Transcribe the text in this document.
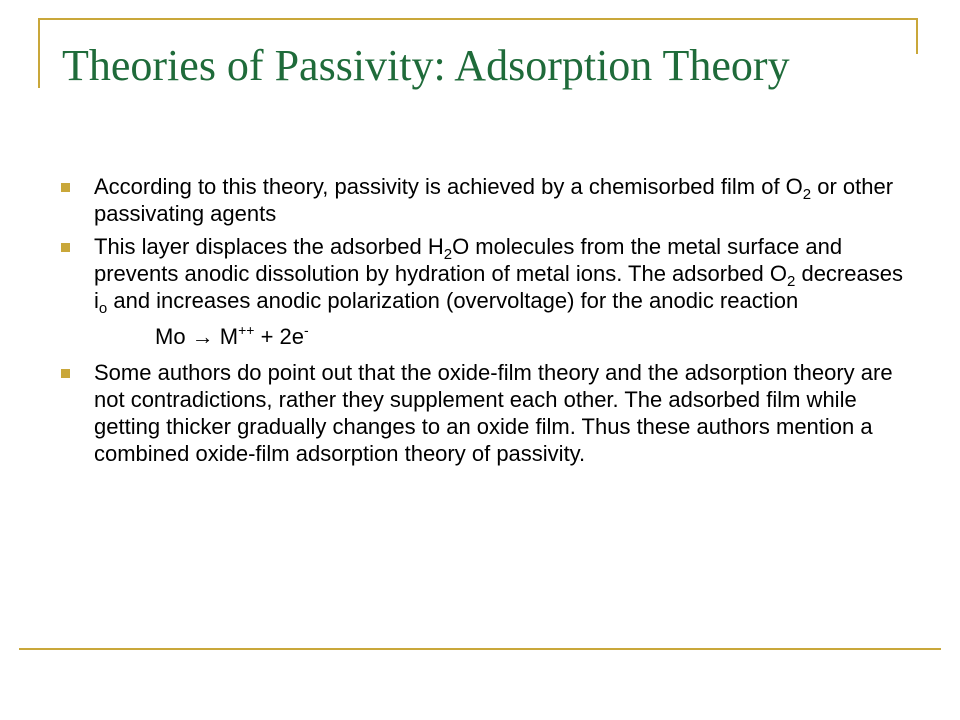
Theories of Passivity: Adsorption Theory
According to this theory, passivity is achieved by a chemisorbed film of $O_2$ or other passivating agents
This layer displaces the adsorbed $H_2O$ molecules from the metal surface and prevents anodic dissolution by hydration of metal ions. The adsorbed $O_2$ decreases $i_o$ and increases anodic polarization (overvoltage) for the anodic reaction
Mo → M++ + 2e-
Some authors do point out that the oxide-film theory and the adsorption theory are not contradictions, rather they supplement each other. The adsorbed film while getting thicker gradually changes to an oxide film. Thus these authors mention a combined oxide-film adsorption theory of passivity.
